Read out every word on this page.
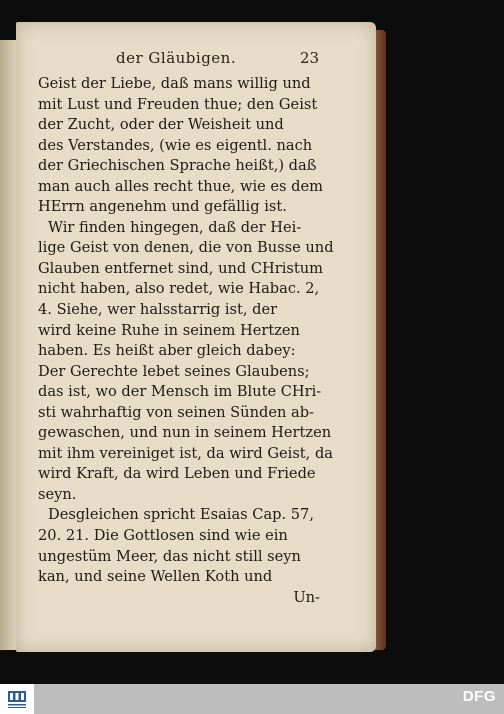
der Gläubigen.	23
Geist der Liebe, daß mans willig und
mit Lust und Freuden thue; den Geist
der Zucht, oder der Weisheit und
des Verstandes, (wie es eigentl. nach
der Griechischen Sprache heißt,) daß
man auch alles recht thue, wie es dem
HErrn angenehm und gefällig ist.
Wir finden hingegen, daß der Hei-
lige Geist von denen, die von Busse und
Glauben entfernet sind, und CHristum
nicht haben, also redet, wie Habac. 2,
4. Siehe, wer halsstarrig ist, der
wird keine Ruhe in seinem Hertzen
haben. Es heißt aber gleich dabey:
Der Gerechte lebet seines Glaubens;
das ist, wo der Mensch im Blute CHri-
sti wahrhaftig von seinen Sünden ab-
gewaschen, und nun in seinem Hertzen
mit ihm vereiniget ist, da wird Geist, da
wird Kraft, da wird Leben und Friede
seyn.
Desgleichen spricht Esaias Cap. 57,
20. 21. Die Gottlosen sind wie ein
ungestüm Meer, das nicht still seyn
kan, und seine Wellen Koth und
Un-
DFG
